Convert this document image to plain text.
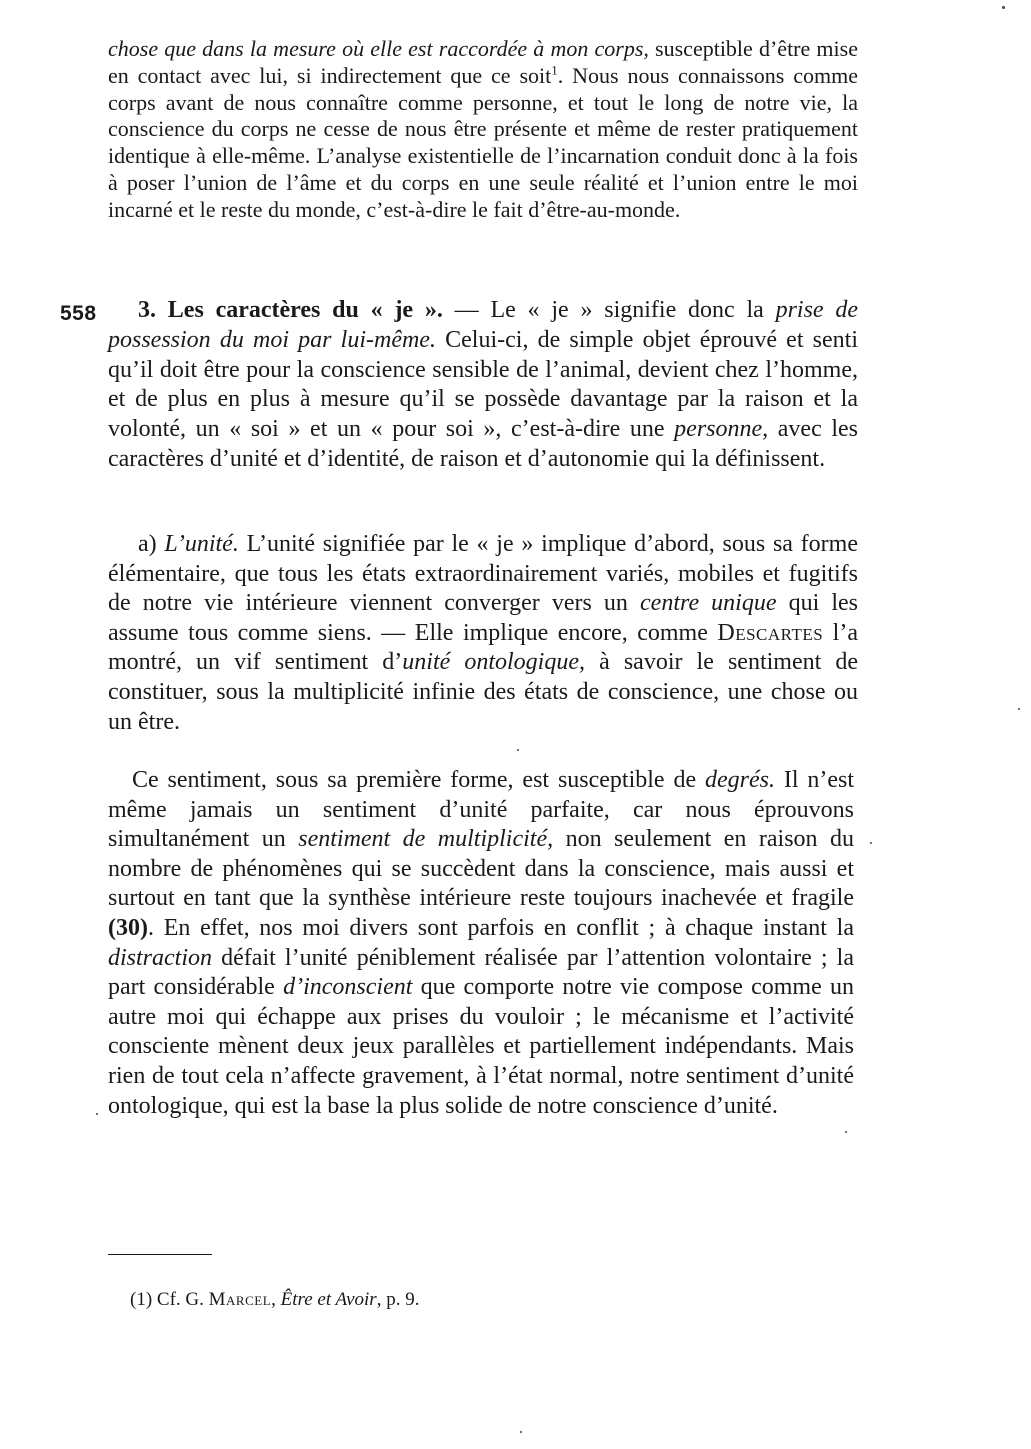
chose que dans la mesure où elle est raccordée à mon corps, susceptible d’être mise en contact avec lui, si indirectement que ce soit$^1$. Nous nous connaissons comme corps avant de nous connaître comme personne, et tout le long de notre vie, la conscience du corps ne cesse de nous être présente et même de rester pratiquement identique à elle-même. L’analyse existentielle de l’incarnation conduit donc à la fois à poser l’union de l’âme et du corps en une seule réalité et l’union entre le moi incarné et le reste du monde, c’est-à-dire le fait d’être-au-monde.

558	3. Les caractères du « je ». — Le « je » signifie donc la prise de possession du moi par lui-même. Celui-ci, de simple objet éprouvé et senti qu’il doit être pour la conscience sensible de l’animal, devient chez l’homme, et de plus en plus à mesure qu’il se possède davantage par la raison et la volonté, un « soi » et un « pour soi », c’est-à-dire une personne, avec les caractères d’unité et d’identité, de raison et d’autonomie qui la définissent.

a) L’unité. L’unité signifiée par le « je » implique d’abord, sous sa forme élémentaire, que tous les états extraordinairement variés, mobiles et fugitifs de notre vie intérieure viennent converger vers un centre unique qui les assume tous comme siens. — Elle implique encore, comme Descartes l’a montré, un vif sentiment d’unité ontologique, à savoir le sentiment de constituer, sous la multiplicité infinie des états de conscience, une chose ou un être.

Ce sentiment, sous sa première forme, est susceptible de degrés. Il n’est même jamais un sentiment d’unité parfaite, car nous éprouvons simultanément un sentiment de multiplicité, non seulement en raison du nombre de phénomènes qui se succèdent dans la conscience, mais aussi et surtout en tant que la synthèse intérieure reste toujours inachevée et fragile (30). En effet, nos moi divers sont parfois en conflit ; à chaque instant la distraction défait l’unité péniblement réalisée par l’attention volontaire ; la part considérable d’inconscient que comporte notre vie compose comme un autre moi qui échappe aux prises du vouloir ; le mécanisme et l’activité consciente mènent deux jeux parallèles et partiellement indépendants. Mais rien de tout cela n’affecte gravement, à l’état normal, notre sentiment d’unité ontologique, qui est la base la plus solide de notre conscience d’unité.

(1) Cf. G. Marcel, Être et Avoir, p. 9.
